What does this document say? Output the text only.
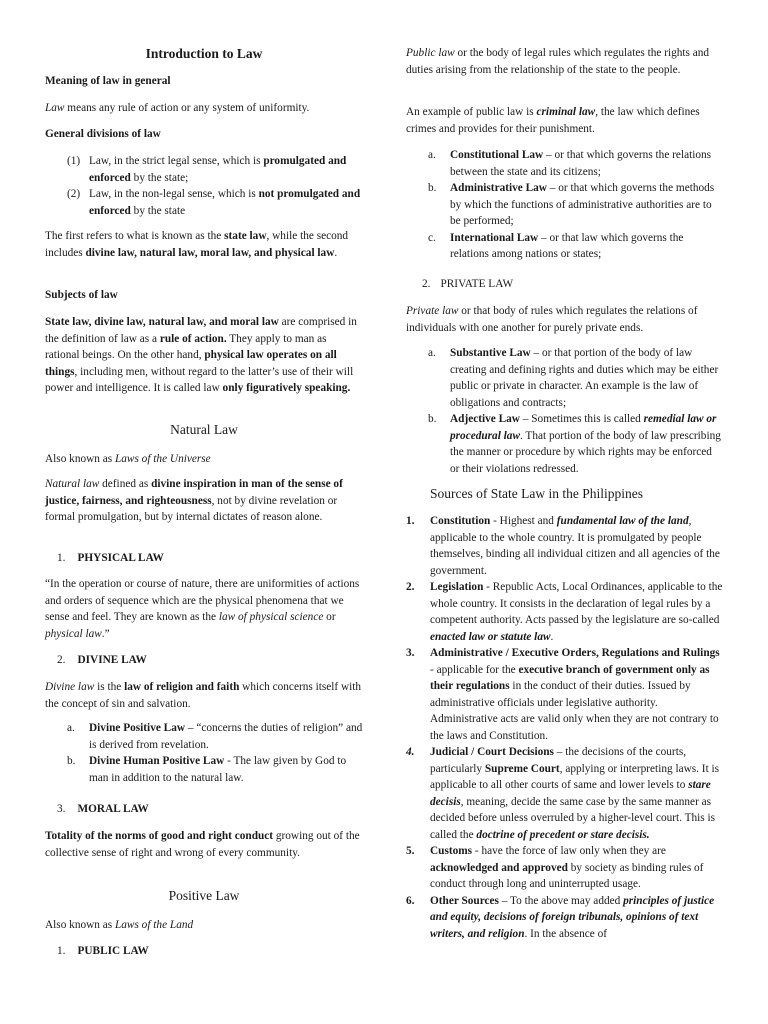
Introduction to Law
Meaning of law in general
Law means any rule of action or any system of uniformity.
General divisions of law
(1) Law, in the strict legal sense, which is promulgated and enforced by the state;
(2) Law, in the non-legal sense, which is not promulgated and enforced by the state
The first refers to what is known as the state law, while the second includes divine law, natural law, moral law, and physical law.
Subjects of law
State law, divine law, natural law, and moral law are comprised in the definition of law as a rule of action. They apply to man as rational beings. On the other hand, physical law operates on all things, including men, without regard to the latter’s use of their will power and intelligence. It is called law only figuratively speaking.
Natural Law
Also known as Laws of the Universe
Natural law defined as divine inspiration in man of the sense of justice, fairness, and righteousness, not by divine revelation or formal promulgation, but by internal dictates of reason alone.
1. PHYSICAL LAW
“In the operation or course of nature, there are uniformities of actions and orders of sequence which are the physical phenomena that we sense and feel. They are known as the law of physical science or physical law.”
2. DIVINE LAW
Divine law is the law of religion and faith which concerns itself with the concept of sin and salvation.
a. Divine Positive Law – “concerns the duties of religion” and is derived from revelation.
b. Divine Human Positive Law - The law given by God to man in addition to the natural law.
3. MORAL LAW
Totality of the norms of good and right conduct growing out of the collective sense of right and wrong of every community.
Positive Law
Also known as Laws of the Land
1. PUBLIC LAW
Public law or the body of legal rules which regulates the rights and duties arising from the relationship of the state to the people.
An example of public law is criminal law, the law which defines crimes and provides for their punishment.
a. Constitutional Law – or that which governs the relations between the state and its citizens;
b. Administrative Law – or that which governs the methods by which the functions of administrative authorities are to be performed;
c. International Law – or that law which governs the relations among nations or states;
2. PRIVATE LAW
Private law or that body of rules which regulates the relations of individuals with one another for purely private ends.
a. Substantive Law – or that portion of the body of law creating and defining rights and duties which may be either public or private in character. An example is the law of obligations and contracts;
b. Adjective Law – Sometimes this is called remedial law or procedural law. That portion of the body of law prescribing the manner or procedure by which rights may be enforced or their violations redressed.
Sources of State Law in the Philippines
1. Constitution - Highest and fundamental law of the land, applicable to the whole country. It is promulgated by people themselves, binding all individual citizen and all agencies of the government.
2. Legislation - Republic Acts, Local Ordinances, applicable to the whole country. It consists in the declaration of legal rules by a competent authority. Acts passed by the legislature are so-called enacted law or statute law.
3. Administrative / Executive Orders, Regulations and Rulings - applicable for the executive branch of government only as their regulations in the conduct of their duties. Issued by administrative officials under legislative authority. Administrative acts are valid only when they are not contrary to the laws and Constitution.
4. Judicial / Court Decisions – the decisions of the courts, particularly Supreme Court, applying or interpreting laws. It is applicable to all other courts of same and lower levels to stare decisis, meaning, decide the same case by the same manner as decided before unless overruled by a higher-level court. This is called the doctrine of precedent or stare decisis.
5. Customs - have the force of law only when they are acknowledged and approved by society as binding rules of conduct through long and uninterrupted usage.
6. Other Sources – To the above may added principles of justice and equity, decisions of foreign tribunals, opinions of text writers, and religion. In the absence of
